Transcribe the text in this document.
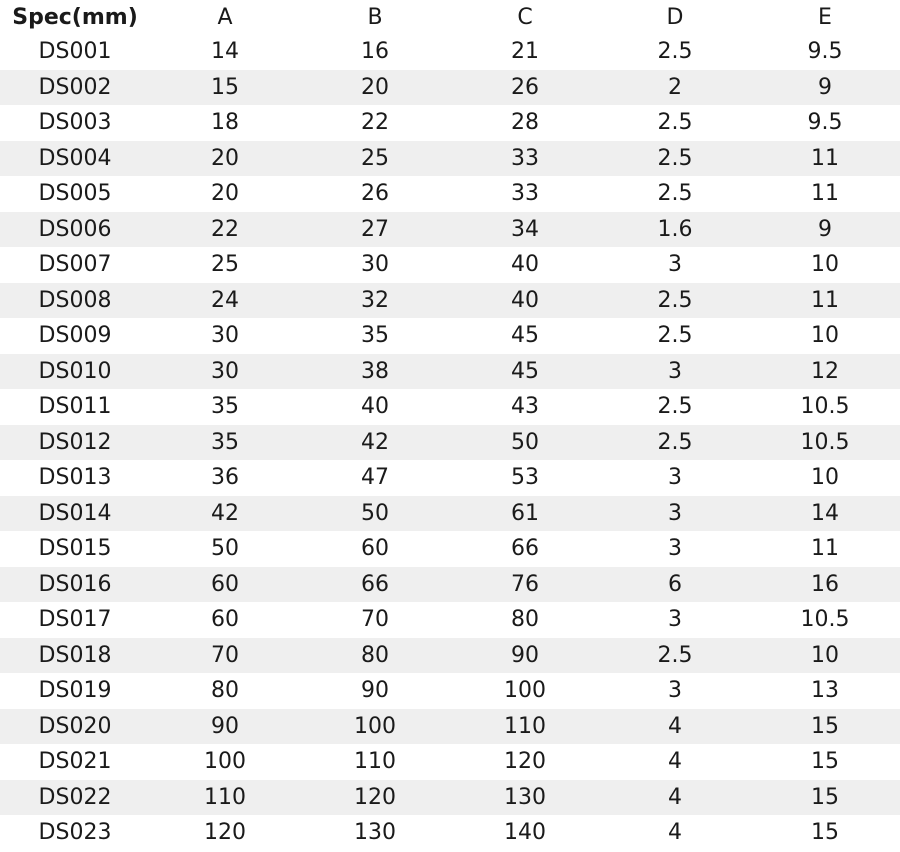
Spec(mm)	A	B	C	D	E
DS001	14	16	21	2.5	9.5
DS002	15	20	26	2	9
DS003	18	22	28	2.5	9.5
DS004	20	25	33	2.5	11
DS005	20	26	33	2.5	11
DS006	22	27	34	1.6	9
DS007	25	30	40	3	10
DS008	24	32	40	2.5	11
DS009	30	35	45	2.5	10
DS010	30	38	45	3	12
DS011	35	40	43	2.5	10.5
DS012	35	42	50	2.5	10.5
DS013	36	47	53	3	10
DS014	42	50	61	3	14
DS015	50	60	66	3	11
DS016	60	66	76	6	16
DS017	60	70	80	3	10.5
DS018	70	80	90	2.5	10
DS019	80	90	100	3	13
DS020	90	100	110	4	15
DS021	100	110	120	4	15
DS022	110	120	130	4	15
DS023	120	130	140	4	15
